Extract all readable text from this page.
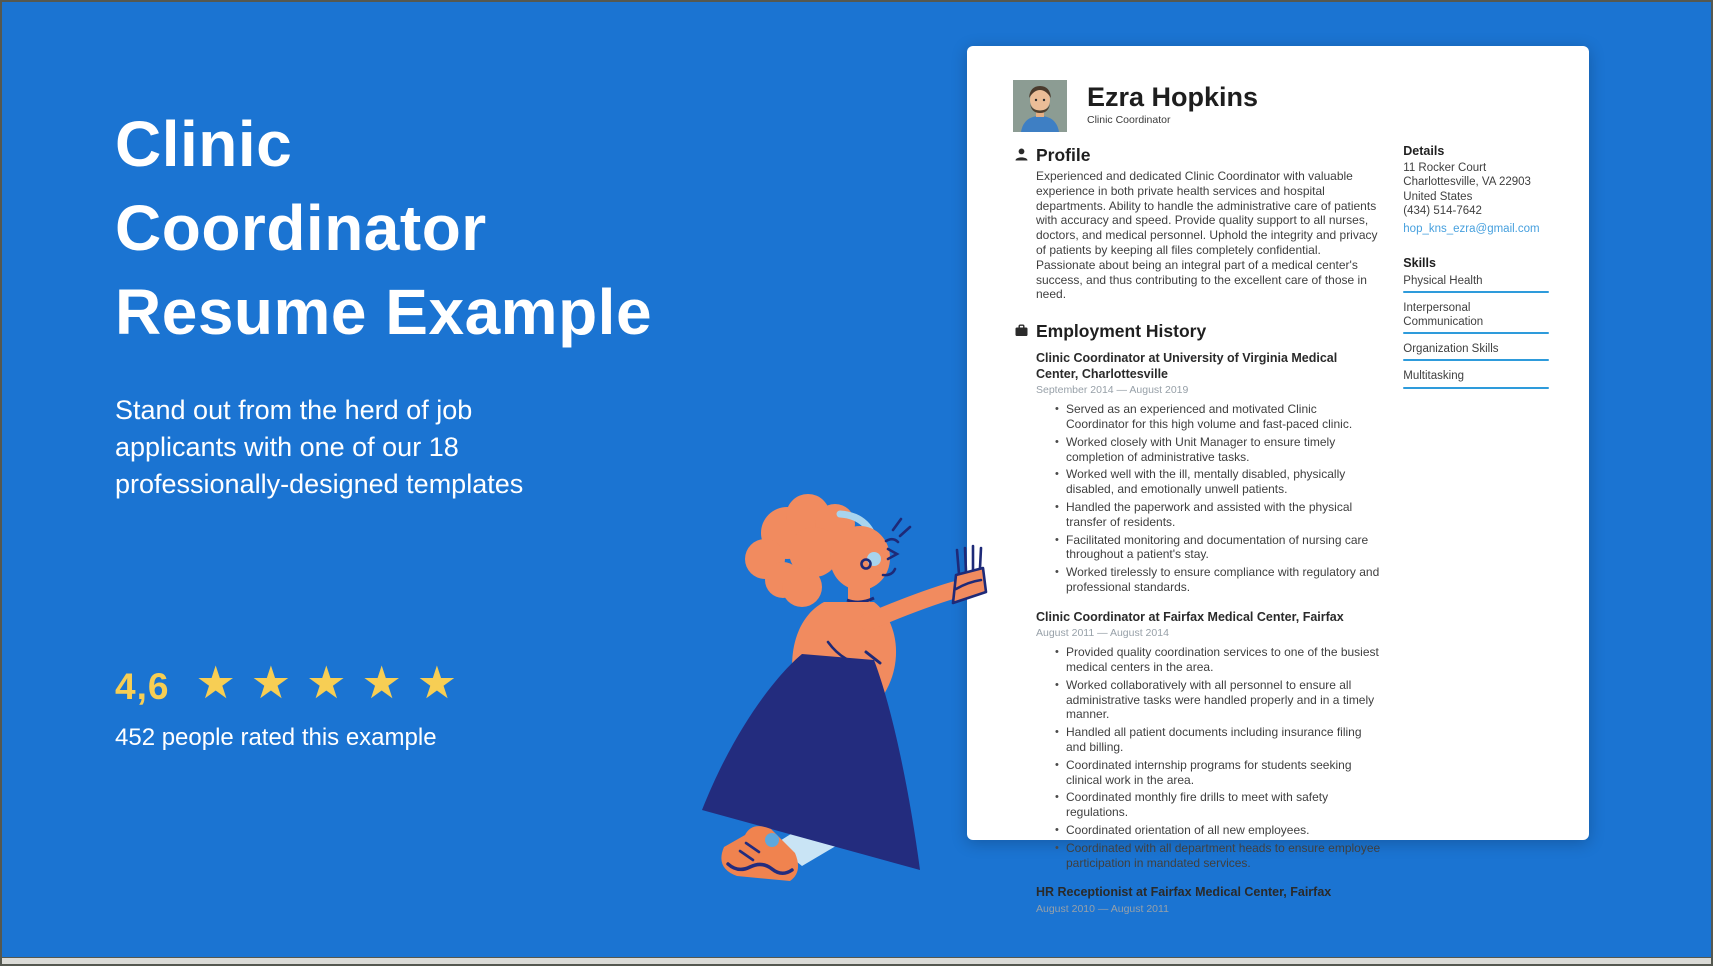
Clinic
Coordinator
Resume Example
Stand out from the herd of job applicants with one of our 18 professionally-designed templates
4,6 ★★★★★
452 people rated this example
Ezra Hopkins
Clinic Coordinator
Profile
Experienced and dedicated Clinic Coordinator with valuable experience in both private health services and hospital departments. Ability to handle the administrative care of patients with accuracy and speed. Provide quality support to all nurses, doctors, and medical personnel. Uphold the integrity and privacy of patients by keeping all files completely confidential. Passionate about being an integral part of a medical center's success, and thus contributing to the excellent care of those in need.
Employment History
Clinic Coordinator at University of Virginia Medical Center, Charlottesville
September 2014 — August 2019
• Served as an experienced and motivated Clinic Coordinator for this high volume and fast-paced clinic.
• Worked closely with Unit Manager to ensure timely completion of administrative tasks.
• Worked well with the ill, mentally disabled, physically disabled, and emotionally unwell patients.
• Handled the paperwork and assisted with the physical transfer of residents.
• Facilitated monitoring and documentation of nursing care throughout a patient's stay.
• Worked tirelessly to ensure compliance with regulatory and professional standards.
Clinic Coordinator at Fairfax Medical Center, Fairfax
August 2011 — August 2014
• Provided quality coordination services to one of the busiest medical centers in the area.
• Worked collaboratively with all personnel to ensure all administrative tasks were handled properly and in a timely manner.
• Handled all patient documents including insurance filing and billing.
• Coordinated internship programs for students seeking clinical work in the area.
• Coordinated monthly fire drills to meet with safety regulations.
• Coordinated orientation of all new employees.
• Coordinated with all department heads to ensure employee participation in mandated services.
HR Receptionist at Fairfax Medical Center, Fairfax
August 2010 — August 2011
Details
11 Rocker Court
Charlottesville, VA 22903
United States
(434) 514-7642
hop_kns_ezra@gmail.com
Skills
Physical Health
Interpersonal Communication
Organization Skills
Multitasking
